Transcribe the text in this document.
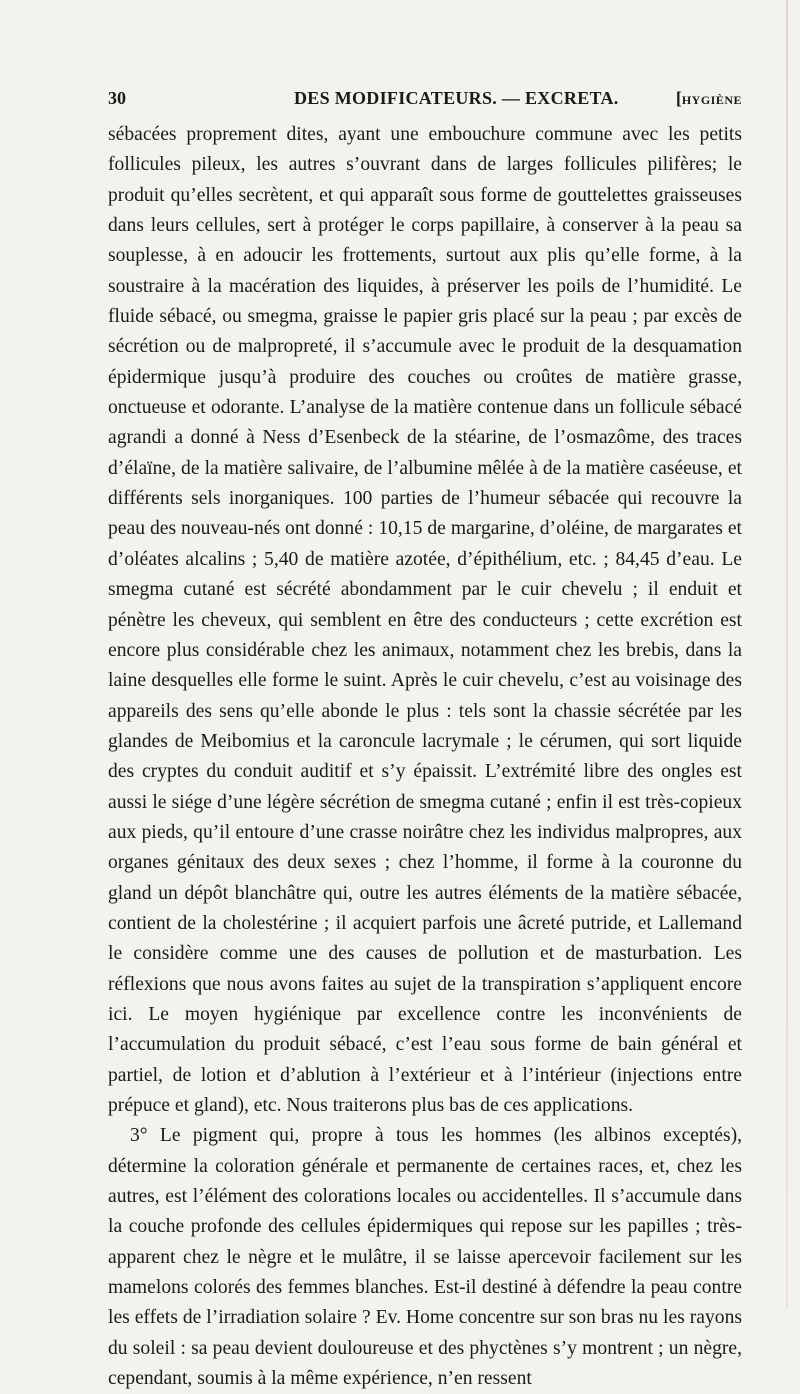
30	DES MODIFICATEURS. — EXCRETA.	[HYGIÈNE

sébacées proprement dites, ayant une embouchure commune avec les petits follicules pileux, les autres s’ouvrant dans de larges follicules pilifères; le produit qu’elles secrètent, et qui apparaît sous forme de gouttelettes graisseuses dans leurs cellules, sert à protéger le corps papillaire, à conserver à la peau sa souplesse, à en adoucir les frottements, surtout aux plis qu’elle forme, à la soustraire à la macération des liquides, à préserver les poils de l’humidité. Le fluide sébacé, ou smegma, graisse le papier gris placé sur la peau ; par excès de sécrétion ou de malpropreté, il s’accumule avec le produit de la desquamation épidermique jusqu’à produire des couches ou croûtes de matière grasse, onctueuse et odorante. L’analyse de la matière contenue dans un follicule sébacé agrandi a donné à Ness d’Esenbeck de la stéarine, de l’osmazôme, des traces d’élaïne, de la matière salivaire, de l’albumine mêlée à de la matière caséeuse, et différents sels inorganiques. 100 parties de l’humeur sébacée qui recouvre la peau des nouveau-nés ont donné : 10,15 de margarine, d’oléine, de margarates et d’oléates alcalins ; 5,40 de matière azotée, d’épithélium, etc. ; 84,45 d’eau. Le smegma cutané est sécrété abondamment par le cuir chevelu ; il enduit et pénètre les cheveux, qui semblent en être des conducteurs ; cette excrétion est encore plus considérable chez les animaux, notamment chez les brebis, dans la laine desquelles elle forme le suint. Après le cuir chevelu, c’est au voisinage des appareils des sens qu’elle abonde le plus : tels sont la chassie sécrétée par les glandes de Meibomius et la caroncule lacrymale ; le cérumen, qui sort liquide des cryptes du conduit auditif et s’y épaissit. L’extrémité libre des ongles est aussi le siége d’une légère sécrétion de smegma cutané ; enfin il est très-copieux aux pieds, qu’il entoure d’une crasse noirâtre chez les individus malpropres, aux organes génitaux des deux sexes ; chez l’homme, il forme à la couronne du gland un dépôt blanchâtre qui, outre les autres éléments de la matière sébacée, contient de la cholestérine ; il acquiert parfois une âcreté putride, et Lallemand le considère comme une des causes de pollution et de masturbation. Les réflexions que nous avons faites au sujet de la transpiration s’appliquent encore ici. Le moyen hygiénique par excellence contre les inconvénients de l’accumulation du produit sébacé, c’est l’eau sous forme de bain général et partiel, de lotion et d’ablution à l’extérieur et à l’intérieur (injections entre prépuce et gland), etc. Nous traiterons plus bas de ces applications.

3° Le pigment qui, propre à tous les hommes (les albinos exceptés), détermine la coloration générale et permanente de certaines races, et, chez les autres, est l’élément des colorations locales ou accidentelles. Il s’accumule dans la couche profonde des cellules épidermiques qui repose sur les papilles ; très-apparent chez le nègre et le mulâtre, il se laisse apercevoir facilement sur les mamelons colorés des femmes blanches. Est-il destiné à défendre la peau contre les effets de l’irradiation solaire ? Ev. Home concentre sur son bras nu les rayons du soleil : sa peau devient douloureuse et des phyctènes s’y montrent ; un nègre, cependant, soumis à la même expérience, n’en ressent
